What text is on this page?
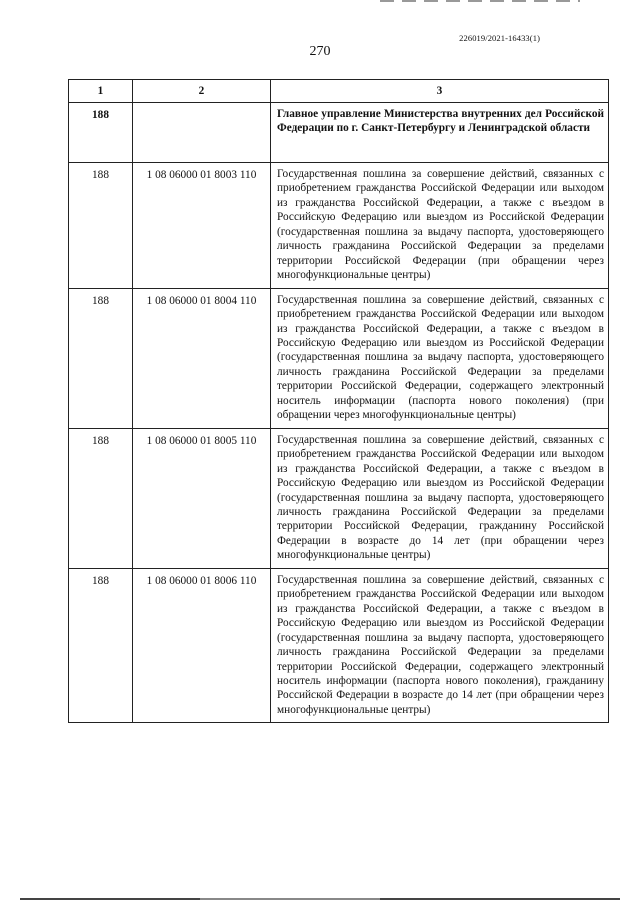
226019/2021-16433(1)
270
1	2	3
188		Главное управление Министерства внутренних дел Российской Федерации по г. Санкт-Петербургу и Ленинградской области
188	1 08 06000 01 8003 110	Государственная пошлина за совершение действий, связанных с приобретением гражданства Российской Федерации или выходом из гражданства Российской Федерации, а также с въездом в Российскую Федерацию или выездом из Российской Федерации (государственная пошлина за выдачу паспорта, удостоверяющего личность гражданина Российской Федерации за пределами территории Российской Федерации (при обращении через многофункциональные центры)
188	1 08 06000 01 8004 110	Государственная пошлина за совершение действий, связанных с приобретением гражданства Российской Федерации или выходом из гражданства Российской Федерации, а также с въездом в Российскую Федерацию или выездом из Российской Федерации (государственная пошлина за выдачу паспорта, удостоверяющего личность гражданина Российской Федерации за пределами территории Российской Федерации, содержащего электронный носитель информации (паспорта нового поколения) (при обращении через многофункциональные центры)
188	1 08 06000 01 8005 110	Государственная пошлина за совершение действий, связанных с приобретением гражданства Российской Федерации или выходом из гражданства Российской Федерации, а также с въездом в Российскую Федерацию или выездом из Российской Федерации (государственная пошлина за выдачу паспорта, удостоверяющего личность гражданина Российской Федерации за пределами территории Российской Федерации, гражданину Российской Федерации в возрасте до 14 лет (при обращении через многофункциональные центры)
188	1 08 06000 01 8006 110	Государственная пошлина за совершение действий, связанных с приобретением гражданства Российской Федерации или выходом из гражданства Российской Федерации, а также с въездом в Российскую Федерацию или выездом из Российской Федерации (государственная пошлина за выдачу паспорта, удостоверяющего личность гражданина Российской Федерации за пределами территории Российской Федерации, содержащего электронный носитель информации (паспорта нового поколения), гражданину Российской Федерации в возрасте до 14 лет (при обращении через многофункциональные центры)
